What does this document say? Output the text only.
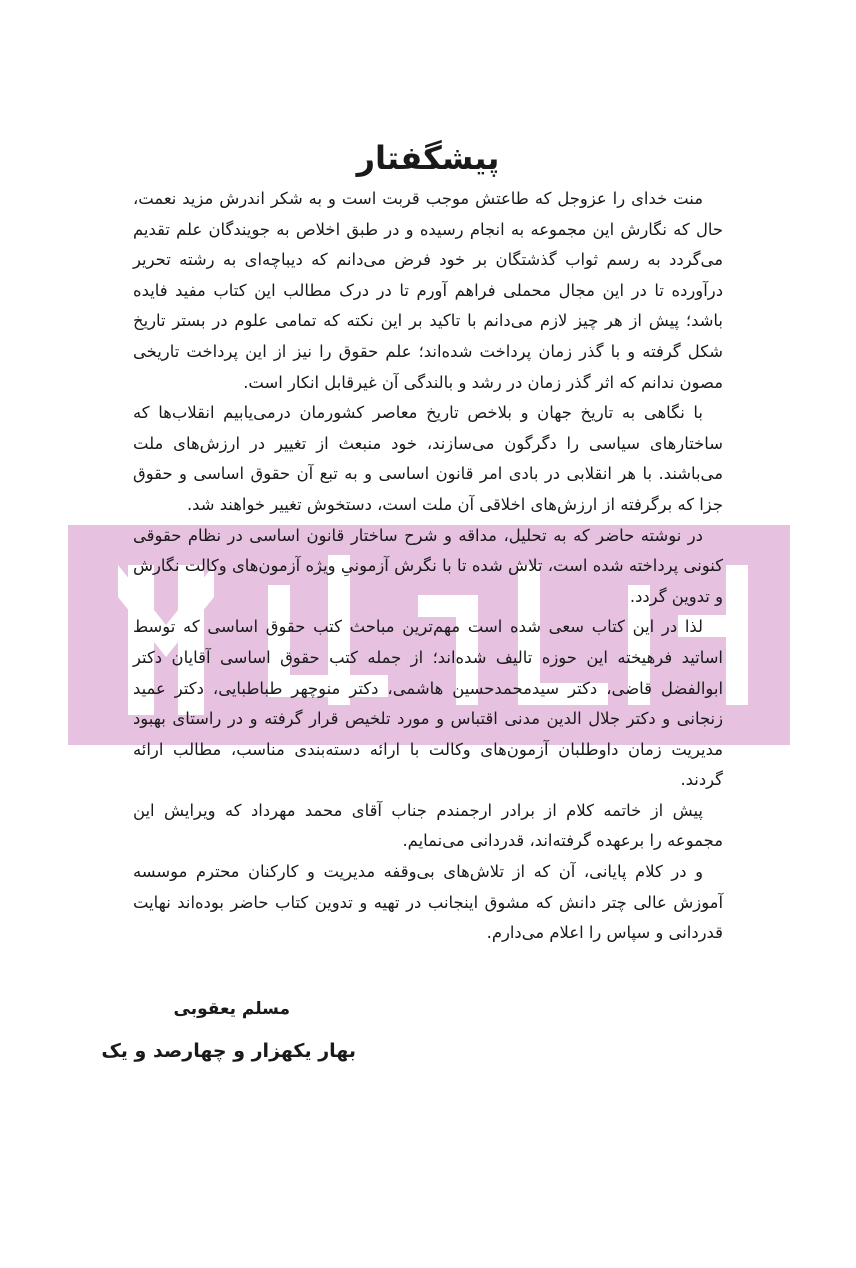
پیشگفتار

منت خدای را عزوجل که طاعتش موجب قربت است و به شکر اندرش مزید نعمت، حال که نگارش این مجموعه به انجام رسیده و در طبق اخلاص به جویندگان علم تقدیم می‌گردد به رسم ثواب گذشتگان بر خود فرض می‌دانم که دیباچه‌ای به رشته تحریر درآورده تا در این مجال محملی فراهم آورم تا در درک مطالب این کتاب مفید فایده باشد؛ پیش از هر چیز لازم می‌دانم با تاکید بر این نکته که تمامی علوم در بستر تاریخ شکل گرفته و با گذر زمان پرداخت شده‌اند؛ علم حقوق را نیز از این پرداخت تاریخی مصون ندانم که اثر گذر زمان در رشد و بالندگی آن غیرقابل انکار است.

با نگاهی به تاریخ جهان و بلاخص تاریخ معاصر کشورمان درمی‌یابیم انقلاب‌ها که ساختارهای سیاسی را دگرگون می‌سازند، خود منبعث از تغییر در ارزش‌های ملت می‌باشند. با هر انقلابی در بادی امر قانون اساسی و به تبع آن حقوق اساسی و حقوق جزا که برگرفته از ارزش‌های اخلاقی آن ملت است، دستخوش تغییر خواهند شد.

در نوشته حاضر که به تحلیل، مداقه و شرح ساختار قانون اساسی در نظام حقوقی کنونی پرداخته شده است، تلاش شده تا با نگرش آزمونیِ ویژه آزمون‌های وکالت نگارش و تدوین گردد.

لذا در این کتاب سعی شده است مهم‌ترین مباحث کتب حقوق اساسی که توسط اساتید فرهیخته این حوزه تالیف شده‌اند؛ از جمله کتب حقوق اساسی آقایان دکتر ابوالفضل قاضی، دکتر سیدمحمدحسین هاشمی، دکتر منوچهر طباطبایی، دکتر عمید زنجانی و دکتر جلال الدین مدنی اقتباس و مورد تلخیص قرار گرفته و در راستای بهبود مدیریت زمان داوطلبان آزمون‌های وکالت با ارائه دسته‌بندی مناسب، مطالب ارائه گردند.

پیش از خاتمه کلام از برادر ارجمندم جناب آقای محمد مهرداد که ویرایش این مجموعه را برعهده گرفته‌اند، قدردانی می‌نمایم.

و در کلام پایانی، آن که از تلاش‌های بی‌وقفه مدیریت و کارکنان محترم موسسه آموزش عالی چتر دانش که مشوق اینجانب در تهیه و تدوین کتاب حاضر بوده‌اند نهایت قدردانی و سپاس را اعلام می‌دارم.

مسلم یعقوبی
بهار یکهزار و چهارصد و یک
